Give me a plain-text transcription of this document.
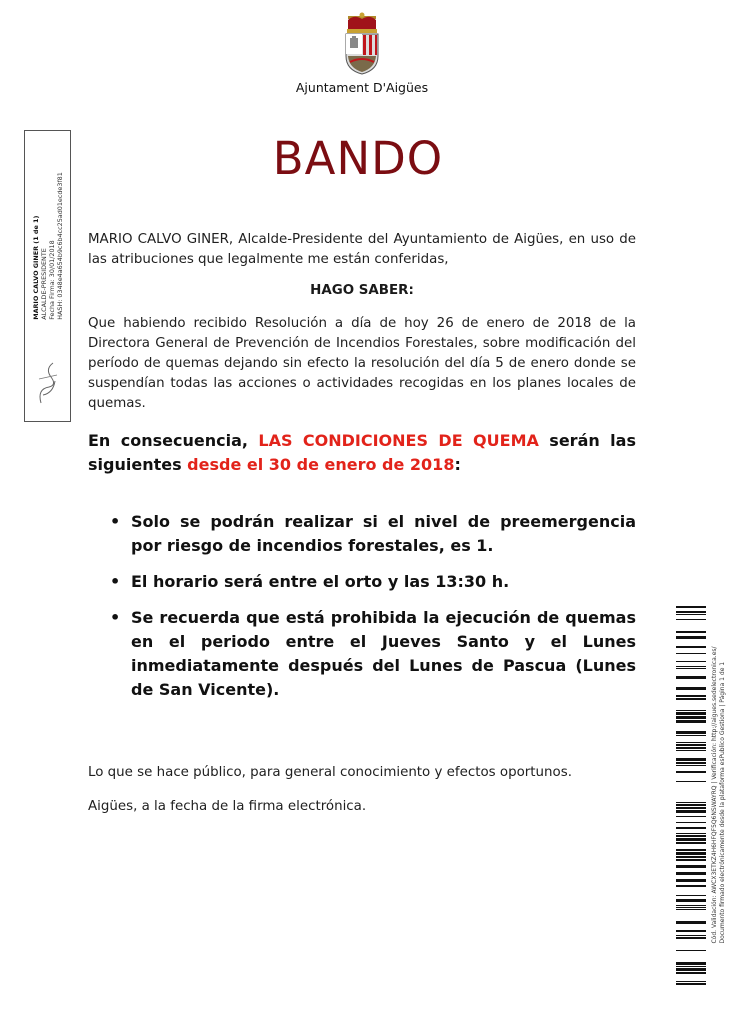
Ajuntament D'Aigües
MARIO CALVO GINER (1 de 1) ALCALDE-PRESIDENTE Fecha Firma: 30/01/2018 HASH: 0348e4a654b9c6b4cc25ad01ecde3f81
BANDO
MARIO CALVO GINER, Alcalde-Presidente del Ayuntamiento de Aigües, en uso de las atribuciones que legalmente me están conferidas,
HAGO SABER:
Que habiendo recibido Resolución a día de hoy 26 de enero de 2018 de la Directora General de Prevención de Incendios Forestales, sobre modificación del período de quemas dejando sin efecto la resolución del día 5 de enero donde se suspendían todas las acciones o actividades recogidas en los planes locales de quemas.
En consecuencia, LAS CONDICIONES DE QUEMA serán las siguientes desde el 30 de enero de 2018:
• Solo se podrán realizar si el nivel de preemergencia por riesgo de incendios forestales, es 1.
• El horario será entre el orto y las 13:30 h.
• Se recuerda que está prohibida la ejecución de quemas en el periodo entre el Jueves Santo y el Lunes inmediatamente después del Lunes de Pascua (Lunes de San Vicente).
Lo que se hace público, para general conocimiento y efectos oportunos.
Aigües, a la fecha de la firma electrónica.	Cód. Validación: AWCX3ETKZ4H6HFQF5Q6NSWAYRQ | Verificación: http://aigues.sedelectronica.es/ Documento firmado electrónicamente desde la plataforma esPublico Gestiona | Página 1 de 1
